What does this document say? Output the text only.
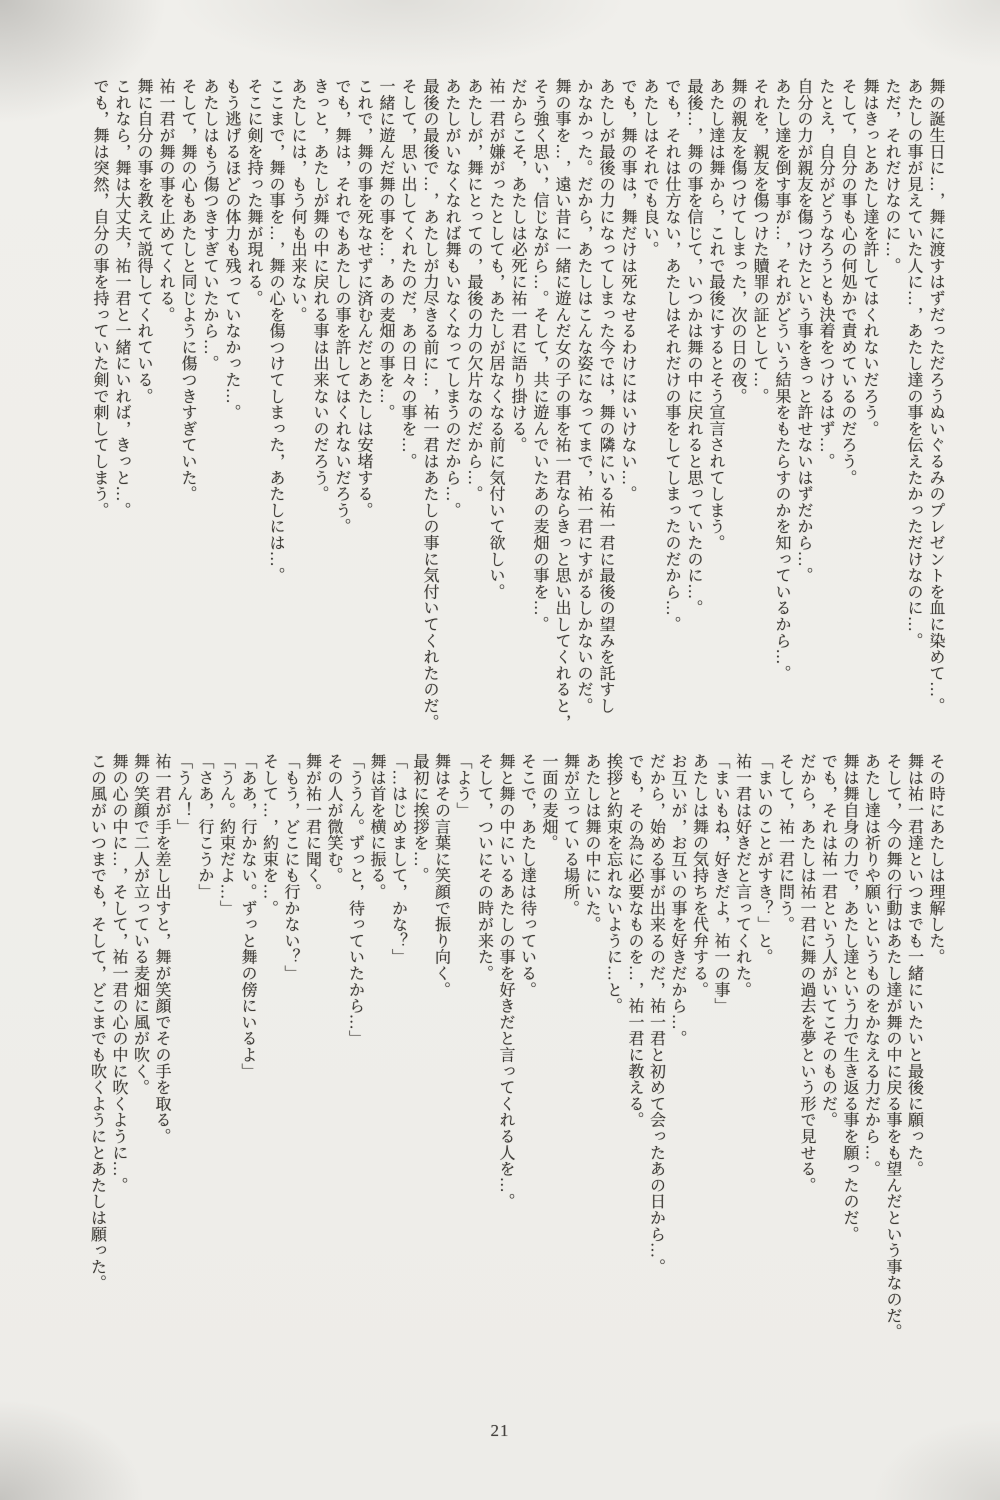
舞の誕生日に…，舞に渡すはずだっただろうぬいぐるみのプレゼントを血に染めて…。

あたしの事が見えていた人に…，あたし達の事を伝えたかっただけなのに…。

ただ，それだけなのに…。

舞はきっとあたし達を許してはくれないだろう。

そして，自分の事も心の何処かで責めているのだろう。

たとえ，自分がどうなろうとも決着をつけるはず…。

自分の力が親友を傷つけたという事をきっと許せないはずだから…。

あたし達を倒す事が…，それがどういう結果をもたらすのかを知っているから…。

それを，親友を傷つけた贖罪の証として…。

舞の親友を傷つけてしまった，次の日の夜。

あたし達は舞から，これで最後にするとそう宣言されてしまう。

最後…，舞の事を信じて，いつかは舞の中に戻れると思っていたのに…。

でも，それは仕方ない，あたしはそれだけの事をしてしまったのだから…。

あたしはそれでも良い。

でも，舞の事は，舞だけは死なせるわけにはいけない…。

あたしが最後の力になってしまった今では，舞の隣にいる祐一君に最後の望みを託すし

かなかった。だから，あたしはこんな姿になってまで，祐一君にすがるしかないのだ。

舞の事を…，遠い昔に一緒に遊んだ女の子の事を祐一君ならきっと思い出してくれると，

そう強く思い，信じながら…。そして，共に遊んでいたあの麦畑の事を…。

だからこそ，あたしは必死に祐一君に語り掛ける。

祐一君が嫌がったとしても，あたしが居なくなる前に気付いて欲しい。

あたしが，舞にとっての，最後の力の欠片なのだから…。

あたしがいなくなれば舞もいなくなってしまうのだから…。

最後の最後で…，あたしが力尽きる前に…，祐一君はあたしの事に気付いてくれたのだ。

そして，思い出してくれたのだ，あの日々の事を…。

一緒に遊んだ舞の事を…，あの麦畑の事を…。

これで，舞の事を死なせずに済むんだとあたしは安堵する。

でも，舞は，それでもあたしの事を許してはくれないだろう。

きっと，あたしが舞の中に戻れる事は出来ないのだろう。

あたしには，もう何も出来ない。

ここまで，舞の事を…，舞の心を傷つけてしまった，あたしには…。

そこに剣を持った舞が現れる。

もう逃げるほどの体力も残っていなかった…。

あたしはもう傷つきすぎていたから…。

そして，舞の心もあたしと同じように傷つきすぎていた。

祐一君が舞の事を止めてくれる。

舞に自分の事を教えて説得してくれている。

これなら，舞は大丈夫，祐一君と一緒にいれば，きっと…。

でも，舞は突然，自分の事を持っていた剣で刺してしまう。

その時にあたしは理解した。

舞は祐一君達といつまでも一緒にいたいと最後に願った。

そして，今の舞の行動はあたし達が舞の中に戻る事をも望んだという事なのだ。

あたし達は祈りや願いというものをかなえる力だから…。

舞は舞自身の力で，あたし達という力で生き返る事を願ったのだ。

でも，それは祐一君という人がいてこそのものだ。

だから，あたしは祐一君に舞の過去を夢という形で見せる。

そして，祐一君に問う。

「まいのことがすき？」と。

祐一君は好きだと言ってくれた。

「まいもね，好きだよ，祐一の事」

あたしは舞の気持ちを代弁する。

お互いが，お互いの事を好きだから…。

だから，始める事が出来るのだ，祐一君と初めて会ったあの日から…。

でも，その為に必要なものを…，祐一君に教える。

挨拶と約束を忘れないように…と。

あたしは舞の中にいた。

舞が立っている場所。

一面の麦畑。

そこで，あたし達は待っている。

舞と舞の中にいるあたしの事を好きだと言ってくれる人を…。

そして，ついにその時が来た。

「よう」

舞はその言葉に笑顔で振り向く。

最初に挨拶を…。

「…はじめまして，かな？」

舞は首を横に振る。

「ううん。ずっと，待っていたから…」

その人が微笑む。

舞が祐一君に聞く。

「もう，どこにも行かない？」

そして…，約束を…。

「ああ，行かない。ずっと舞の傍にいるよ」

「うん。約束だよ…」

「さあ，行こうか」

「うん！」

祐一君が手を差し出すと，舞が笑顔でその手を取る。

舞の笑顔で二人が立っている麦畑に風が吹く。

舞の心の中に…，そして，祐一君の心の中に吹くように…。

この風がいつまでも，そして，どこまでも吹くようにとあたしは願った。

21
